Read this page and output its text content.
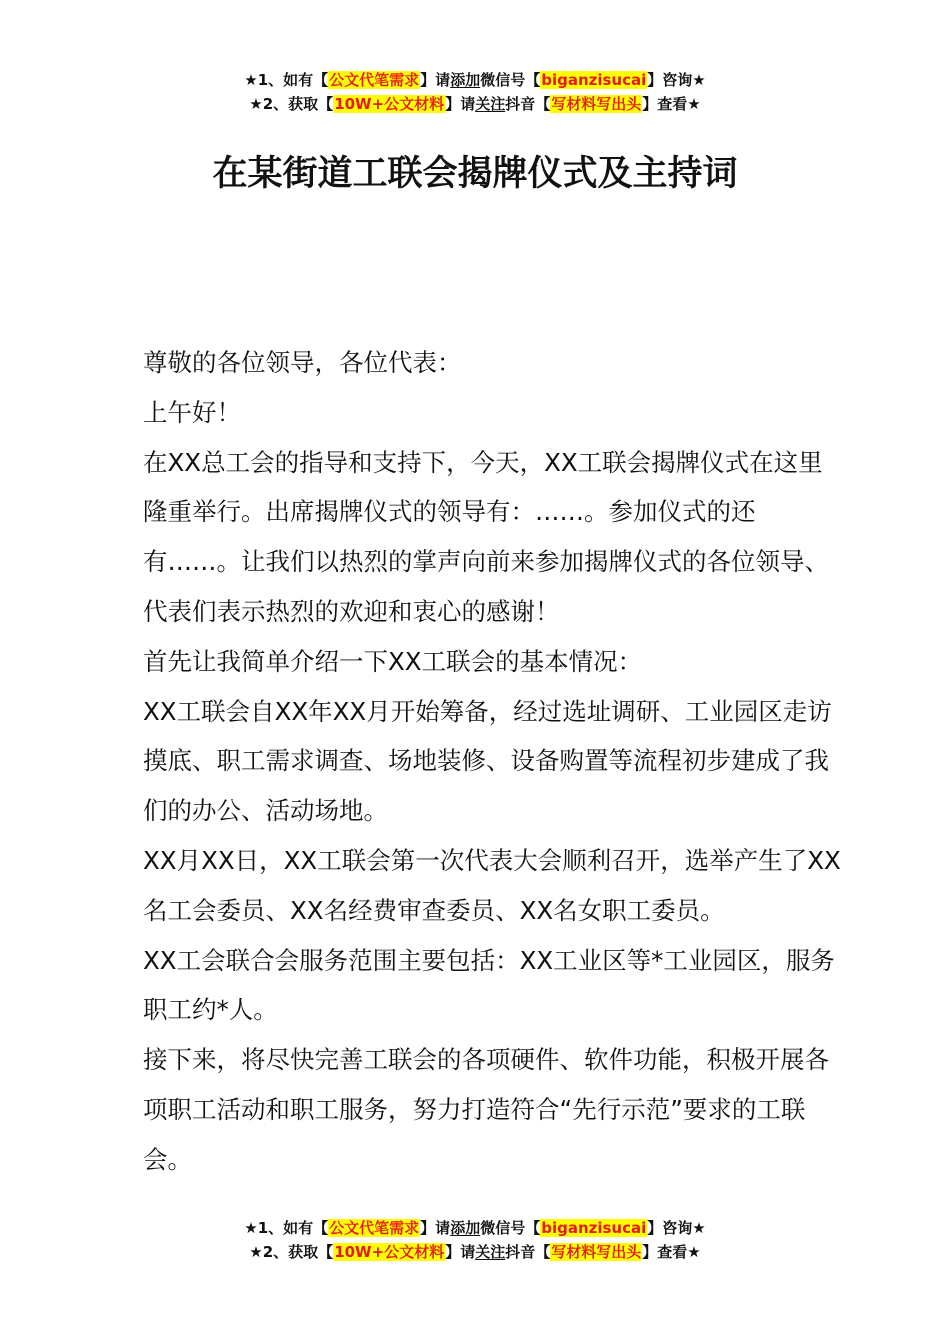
★1、如有【公文代笔需求】请添加微信号【biganzisucai】咨询★
★2、获取【10W+公文材料】请关注抖音【写材料写出头】查看★
在某街道工联会揭牌仪式及主持词

尊敬的各位领导，各位代表：

上午好！

在XX总工会的指导和支持下，今天，XX工联会揭牌仪式在这里隆重举行。出席揭牌仪式的领导有：……。参加仪式的还有……。让我们以热烈的掌声向前来参加揭牌仪式的各位领导、代表们表示热烈的欢迎和衷心的感谢！

首先让我简单介绍一下XX工联会的基本情况：

XX工联会自XX年XX月开始筹备，经过选址调研、工业园区走访摸底、职工需求调查、场地装修、设备购置等流程初步建成了我们的办公、活动场地。

XX月XX日，XX工联会第一次代表大会顺利召开，选举产生了XX名工会委员、XX名经费审查委员、XX名女职工委员。

XX工会联合会服务范围主要包括：XX工业区等*工业园区，服务职工约*人。

接下来，将尽快完善工联会的各项硬件、软件功能，积极开展各项职工活动和职工服务，努力打造符合“先行示范”要求的工联会。

★1、如有【公文代笔需求】请添加微信号【biganzisucai】咨询★
★2、获取【10W+公文材料】请关注抖音【写材料写出头】查看★
